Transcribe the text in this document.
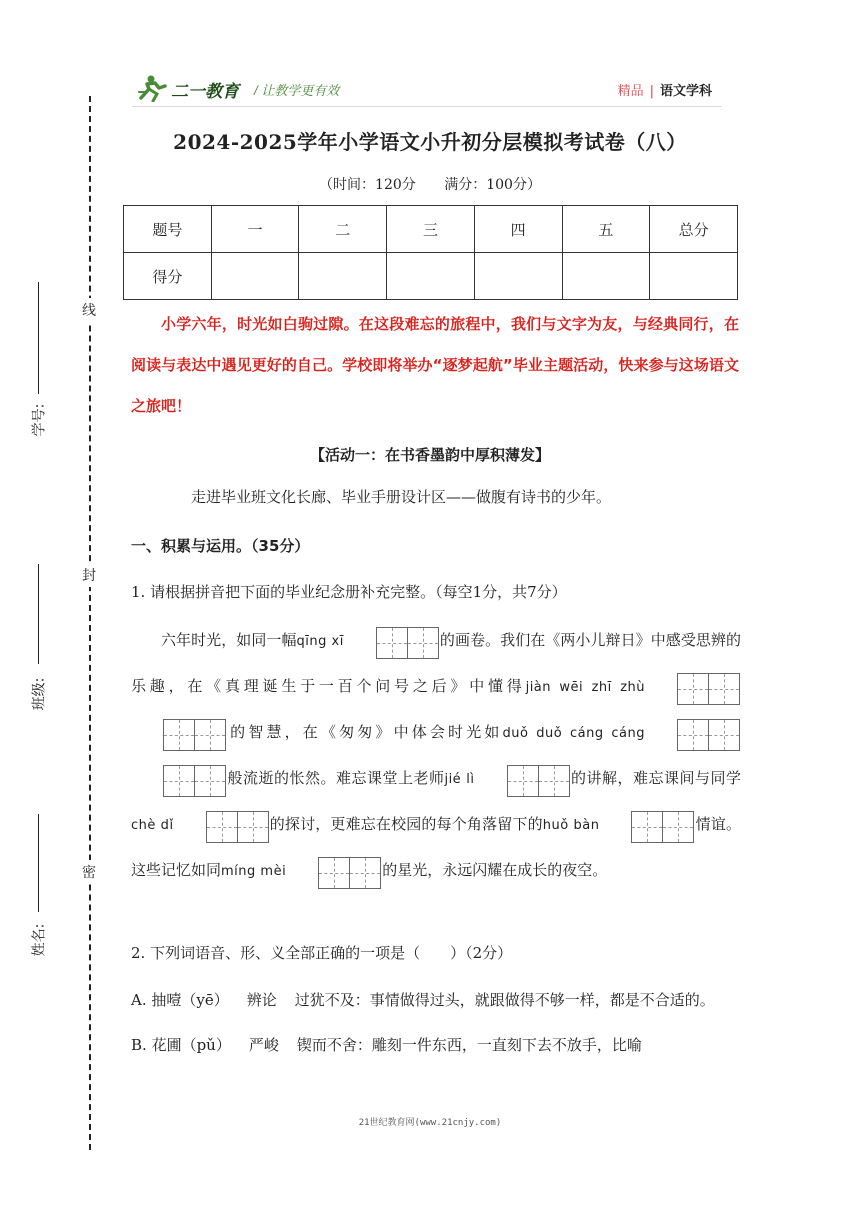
二一教育 / 让教学更有效	精品 | 语文学科
线
封
密
学号:
班级:
姓名:
2024-2025学年小学语文小升初分层模拟考试卷（八）
（时间：120分 满分：100分）
题号	一	二	三	四	五	总分
得分						
小学六年，时光如白驹过隙。在这段难忘的旅程中，我们与文字为友，与经典同行，在阅读与表达中遇见更好的自己。学校即将举办“逐梦起航”毕业主题活动，快来参与这场语文之旅吧！
【活动一：在书香墨韵中厚积薄发】
走进毕业班文化长廊、毕业手册设计区——做腹有诗书的少年。
一、积累与运用。（35分）
1. 请根据拼音把下面的毕业纪念册补充完整。（每空1分，共7分）
六年时光，如同一幅qīng xī	的画卷。我们在《两小儿辩日》中感受思辨的乐趣，在《真理诞生于一百个问号之后》中懂得jiàn wēi zhī zhù的智慧，在《匆匆》中体会时光如duǒ duǒ cáng cáng般流逝的怅然。难忘课堂上老师jié lì	的讲解，难忘课间与同学chè dǐ	的探讨，更难忘在校园的每个角落留下的huǒ bàn	情谊。这些记忆如同míng mèi	的星光，永远闪耀在成长的夜空。
2. 下列词语音、形、义全部正确的一项是（　　）（2分）
A. 抽噎（yē） 辨论 过犹不及：事情做得过头，就跟做得不够一样，都是不合适的。
B. 花圃（pǔ） 严峻 锲而不舍：雕刻一件东西，一直刻下去不放手，比喻
21世纪教育网(www.21cnjy.com)
